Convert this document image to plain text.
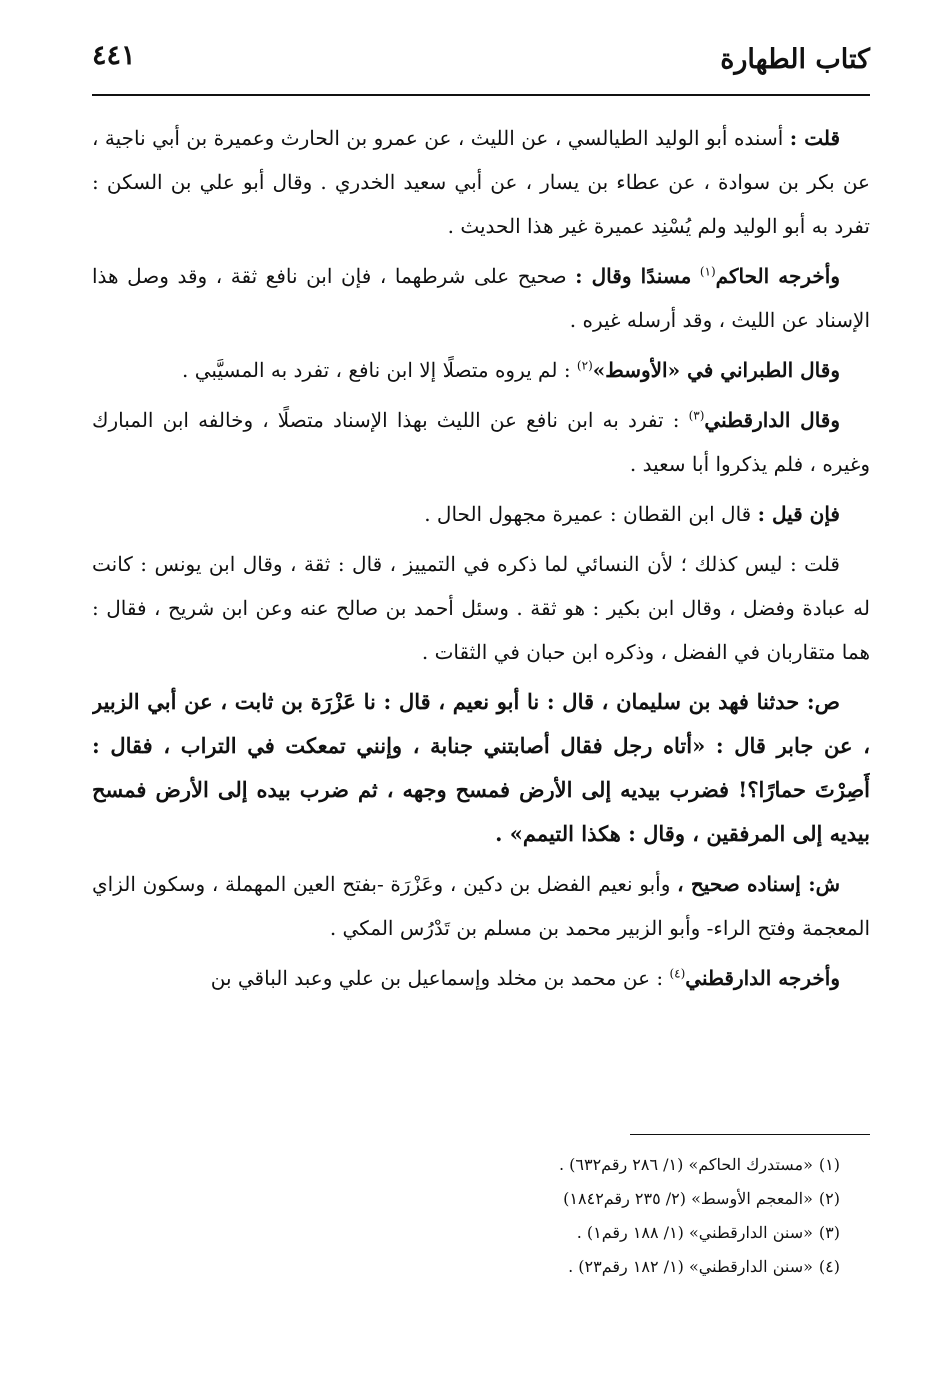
كتاب الطهارة
٤٤١

قلت : أسنده أبو الوليد الطيالسي ، عن الليث ، عن عمرو بن الحارث وعميرة بن أبي ناجية ، عن بكر بن سوادة ، عن عطاء بن يسار ، عن أبي سعيد الخدري . وقال أبو علي بن السكن : تفرد به أبو الوليد ولم يُسْنِد عميرة غير هذا الحديث .

وأخرجه الحاكم$^{(١)}$ مسندًا وقال : صحيح على شرطهما ، فإن ابن نافع ثقة ، وقد وصل هذا الإسناد عن الليث ، وقد أرسله غيره .

وقال الطبراني في «الأوسط»$^{(٢)}$ : لم يروه متصلًا إلا ابن نافع ، تفرد به المسيَّبي .

وقال الدارقطني$^{(٣)}$ : تفرد به ابن نافع عن الليث بهذا الإسناد متصلًا ، وخالفه ابن المبارك وغيره ، فلم يذكروا أبا سعيد .

فإن قيل : قال ابن القطان : عميرة مجهول الحال .

قلت : ليس كذلك ؛ لأن النسائي لما ذكره في التمييز ، قال : ثقة ، وقال ابن يونس : كانت له عبادة وفضل ، وقال ابن بكير : هو ثقة . وسئل أحمد بن صالح عنه وعن ابن شريح ، فقال : هما متقاربان في الفضل ، وذكره ابن حبان في الثقات .

ص: حدثنا فهد بن سليمان ، قال : نا أبو نعيم ، قال : نا عَزْرَة بن ثابت ، عن أبي الزبير ، عن جابر قال : «أتاه رجل فقال أصابتني جنابة ، وإنني تمعكت في التراب ، فقال : أَصِرْتَ حمارًا؟! فضرب بيديه إلى الأرض فمسح وجهه ، ثم ضرب بيده إلى الأرض فمسح بيديه إلى المرفقين ، وقال : هكذا التيمم» .

ش: إسناده صحيح ، وأبو نعيم الفضل بن دكين ، وعَزْرَة -بفتح العين المهملة ، وسكون الزاي المعجمة وفتح الراء- وأبو الزبير محمد بن مسلم بن تَدْرُس المكي .

وأخرجه الدارقطني$^{(٤)}$ : عن محمد بن مخلد وإسماعيل بن علي وعبد الباقي بن

(١)«مستدرك الحاكم» (١/ ٢٨٦ رقم٦٣٢) .
(٢)«المعجم الأوسط» (٢/ ٢٣٥ رقم١٨٤٢)
(٣)«سنن الدارقطني» (١/ ١٨٨ رقم١) .
(٤)«سنن الدارقطني» (١/ ١٨٢ رقم٢٣) .
